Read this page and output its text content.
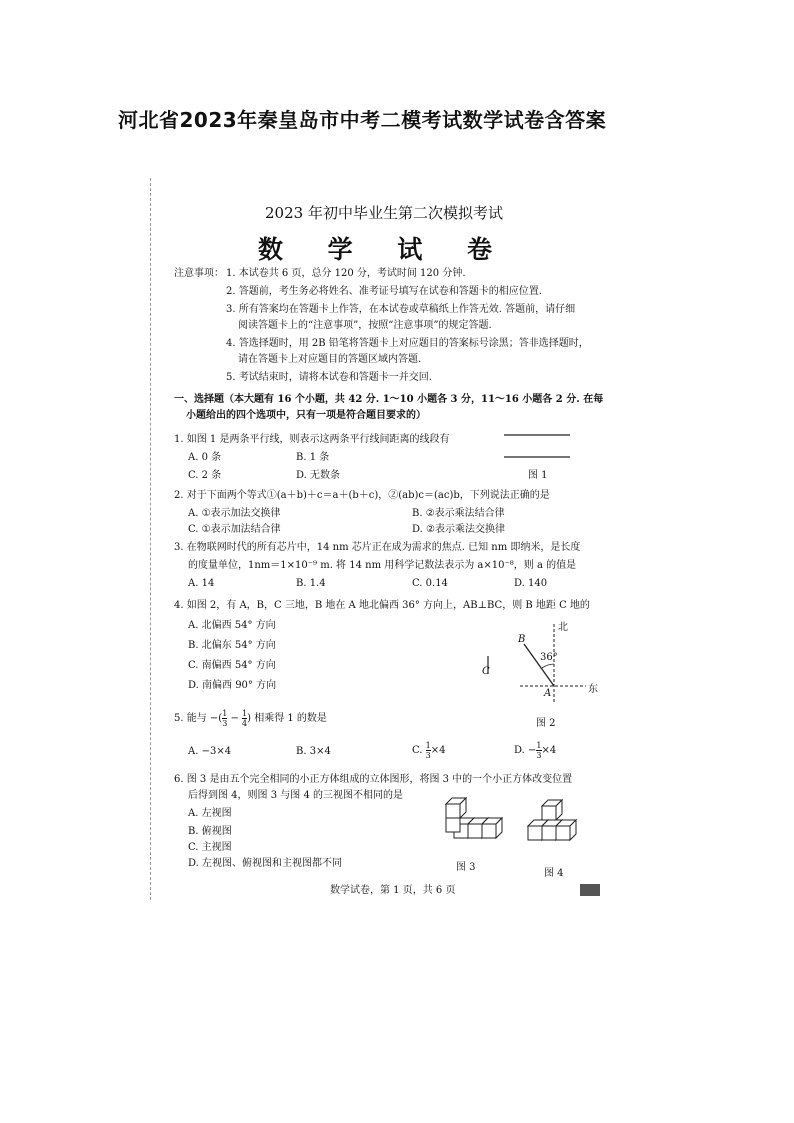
河北省2023年秦皇岛市中考二模考试数学试卷含答案
2023 年初中毕业生第二次模拟考试
数 学 试 卷
注意事项： 1. 本试卷共 6 页，总分 120 分，考试时间 120 分钟.
2. 答题前，考生务必将姓名、准考证号填写在试卷和答题卡的相应位置.
3. 所有答案均在答题卡上作答，在本试卷或草稿纸上作答无效. 答题前，请仔细
阅读答题卡上的“注意事项”，按照“注意事项”的规定答题.
4. 答选择题时，用 2B 铅笔将答题卡上对应题目的答案标号涂黑；答非选择题时，
请在答题卡上对应题目的答题区域内答题.
5. 考试结束时，请将本试卷和答题卡一并交回.
一、选择题（本大题有 16 个小题，共 42 分. 1～10 小题各 3 分，11～16 小题各 2 分. 在每
小题给出的四个选项中，只有一项是符合题目要求的）
1. 如图 1 是两条平行线，则表示这两条平行线间距离的线段有
A. 0 条	B. 1 条
C. 2 条	D. 无数条	图 1
2. 对于下面两个等式①(a＋b)＋c＝a＋(b＋c)，②(ab)c＝(ac)b，下列说法正确的是
A. ①表示加法交换律	B. ②表示乘法结合律
C. ①表示加法结合律	D. ②表示乘法交换律
3. 在物联网时代的所有芯片中，14 nm 芯片正在成为需求的焦点. 已知 nm 即纳米，是长度
的度量单位，1nm＝1×10⁻⁹ m. 将 14 nm 用科学记数法表示为 a×10⁻⁸，则 a 的值是
A. 14	B. 1.4	C. 0.14	D. 140
4. 如图 2，有 A，B，C 三地，B 地在 A 地北偏西 36° 方向上，AB⊥BC，则 B 地距 C 地的
A. 北偏西 54° 方向
B. 北偏东 54° 方向
C. 南偏西 54° 方向
D. 南偏西 90° 方向
北
东
36°
A
B
C
图 2
5. 能与 −( $\frac{1}{3} - \frac{1}{4}$ ) 相乘得 1 的数是
A. −3×4	B. 3×4	C. $\frac{1}{3} \times 4$	D. − $\frac{1}{3} \times 4$
6. 图 3 是由五个完全相同的小正方体组成的立体图形，将图 3 中的一个小正方体改变位置
后得到图 4，则图 3 与图 4 的三视图不相同的是
A. 左视图
B. 俯视图
C. 主视图
D. 左视图、俯视图和主视图都不同	图 3
图 4
数学试卷，第 1 页，共 6 页
